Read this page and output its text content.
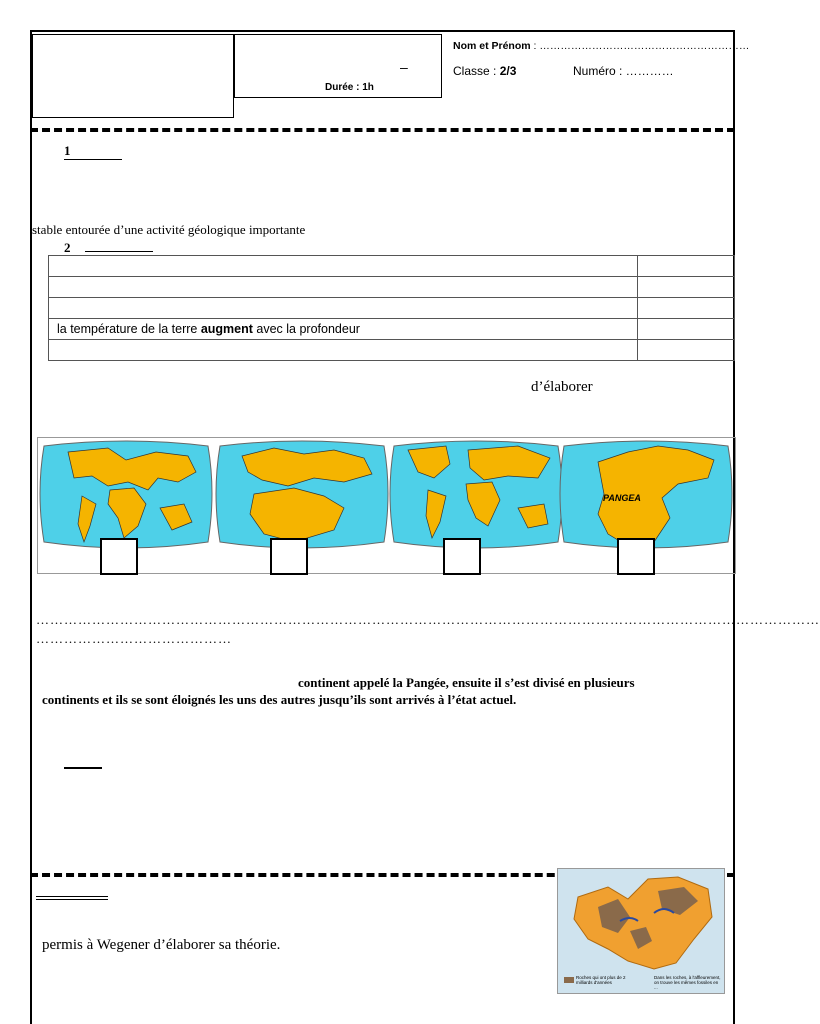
–
Durée : 1h
Nom et Prénom : ……………………………………………………
Classe : 2/3	Numéro : …………
1
stable entourée d’une activité géologique importante
2

la température de la terre augment avec la profondeur	

d’élaborer
PANGEA
……………………………………………………………………………………………………………………………………………………
……………………………………
continent appelé la Pangée, ensuite il s’est divisé en plusieurs
continents et ils se sont éloignés les uns des autres jusqu’ils sont arrivés à l’état actuel.
permis à Wegener d’élaborer sa théorie.
Roches qui ont plus de 2 milliards d'années
Dans les roches, à l'affleurement, on trouve les mêmes fossiles en ...
